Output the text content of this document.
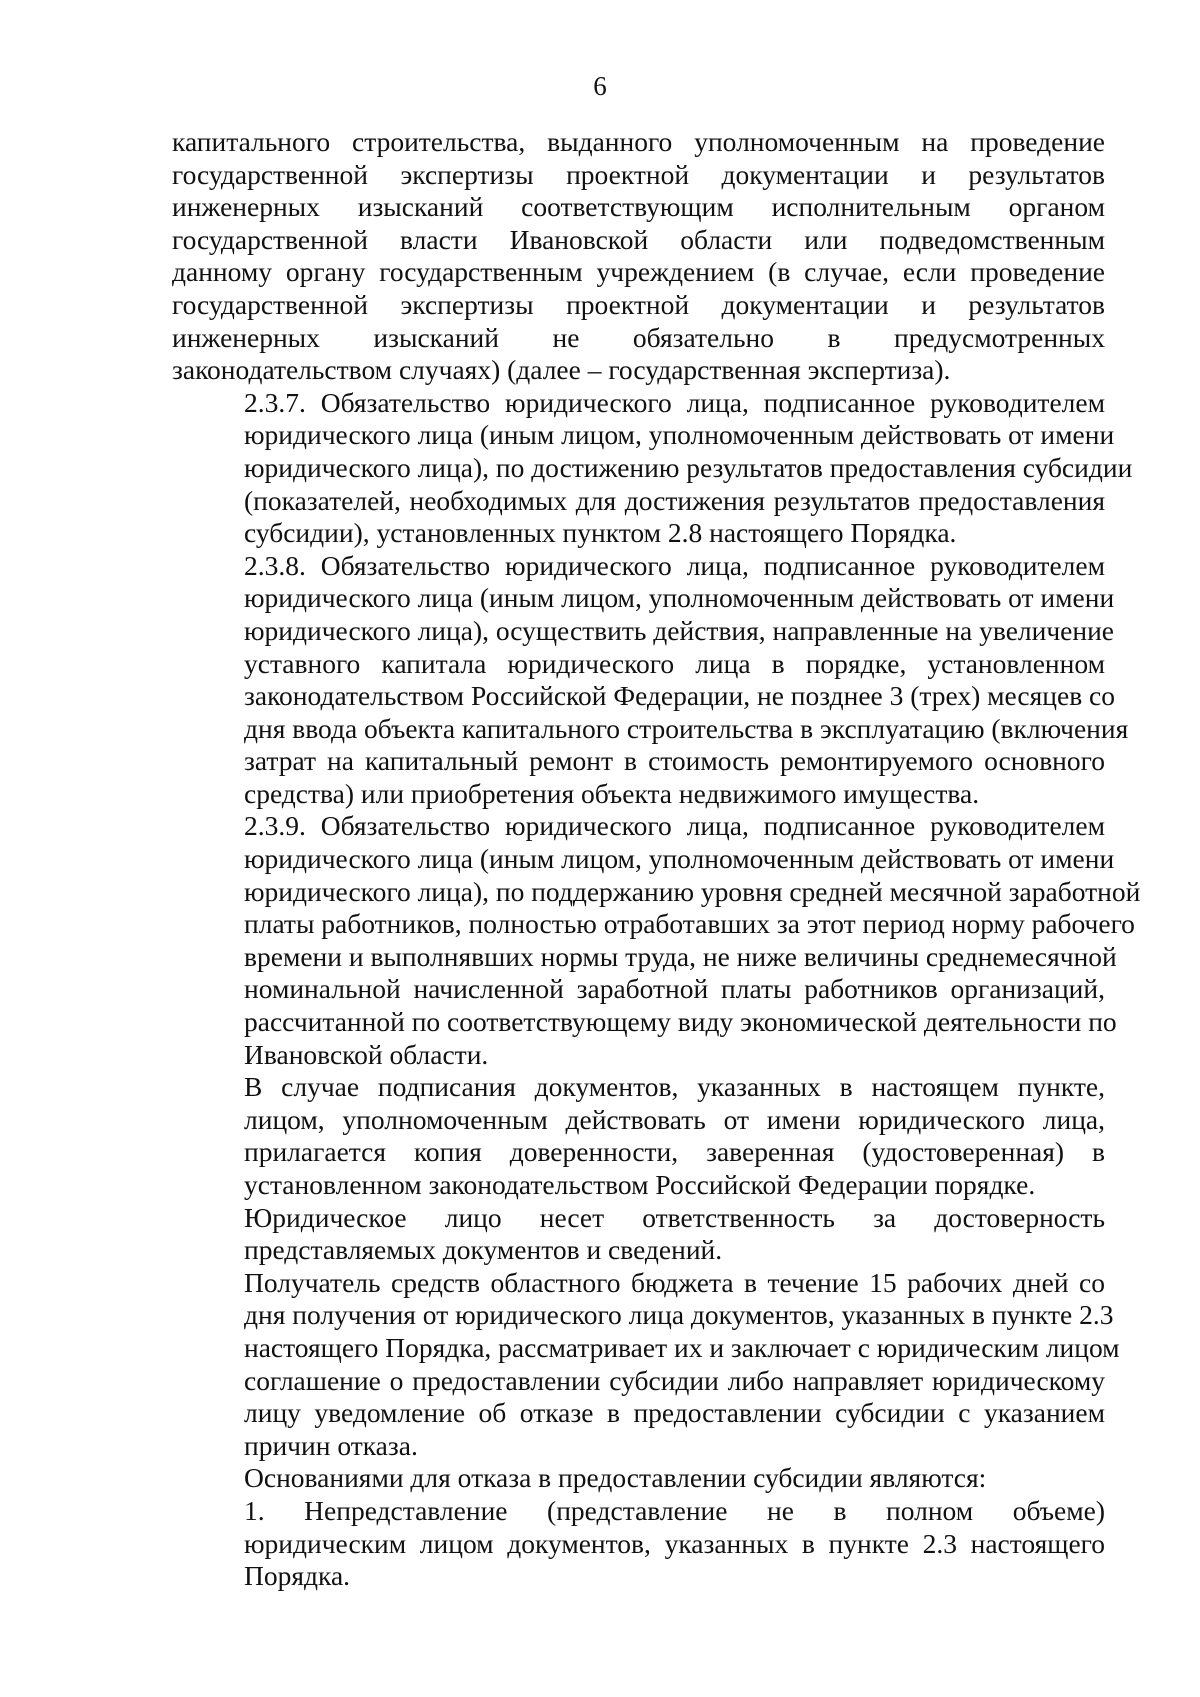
6

капитального строительства, выданного уполномоченным на проведение
государственной экспертизы проектной документации и результатов
инженерных изысканий соответствующим исполнительным органом
государственной власти Ивановской области или подведомственным
данному органу государственным учреждением (в случае, если проведение
государственной экспертизы проектной документации и результатов
инженерных изысканий не обязательно в предусмотренных
законодательством случаях) (далее – государственная экспертиза).

2.3.7. Обязательство юридического лица, подписанное руководителем
юридического лица (иным лицом, уполномоченным действовать от имени
юридического лица), по достижению результатов предоставления субсидии
(показателей, необходимых для достижения результатов предоставления
субсидии), установленных пунктом 2.8 настоящего Порядка.

2.3.8. Обязательство юридического лица, подписанное руководителем
юридического лица (иным лицом, уполномоченным действовать от имени
юридического лица), осуществить действия, направленные на увеличение
уставного капитала юридического лица в порядке, установленном
законодательством Российской Федерации, не позднее 3 (трех) месяцев со
дня ввода объекта капитального строительства в эксплуатацию (включения
затрат на капитальный ремонт в стоимость ремонтируемого основного
средства) или приобретения объекта недвижимого имущества.

2.3.9. Обязательство юридического лица, подписанное руководителем
юридического лица (иным лицом, уполномоченным действовать от имени
юридического лица), по поддержанию уровня средней месячной заработной
платы работников, полностью отработавших за этот период норму рабочего
времени и выполнявших нормы труда, не ниже величины среднемесячной
номинальной начисленной заработной платы работников организаций,
рассчитанной по соответствующему виду экономической деятельности по
Ивановской области.

В случае подписания документов, указанных в настоящем пункте,
лицом, уполномоченным действовать от имени юридического лица,
прилагается копия доверенности, заверенная (удостоверенная) в
установленном законодательством Российской Федерации порядке.

Юридическое лицо несет ответственность за достоверность
представляемых документов и сведений.

Получатель средств областного бюджета в течение 15 рабочих дней со
дня получения от юридического лица документов, указанных в пункте 2.3
настоящего Порядка, рассматривает их и заключает с юридическим лицом
соглашение о предоставлении субсидии либо направляет юридическому
лицу уведомление об отказе в предоставлении субсидии с указанием
причин отказа.

Основаниями для отказа в предоставлении субсидии являются:

1. Непредставление (представление не в полном объеме)
юридическим лицом документов, указанных в пункте 2.3 настоящего
Порядка.
